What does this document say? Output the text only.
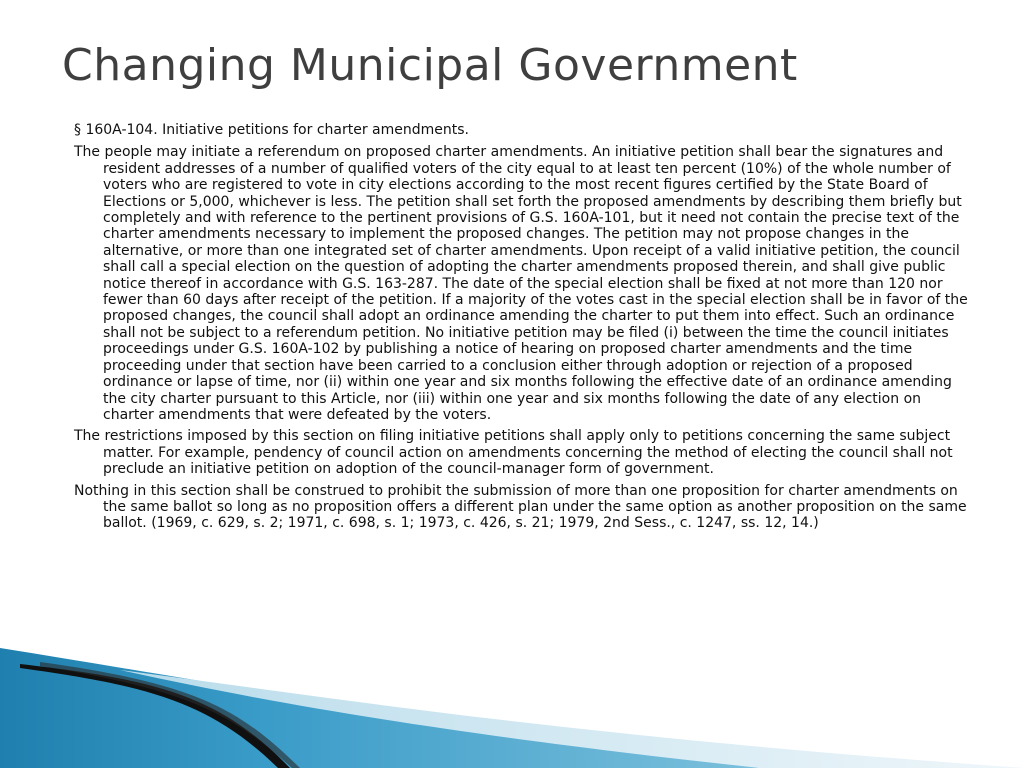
Changing Municipal Government

§ 160A-104. Initiative petitions for charter amendments.

The people may initiate a referendum on proposed charter amendments. An initiative petition shall bear the signatures and resident addresses of a number of qualified voters of the city equal to at least ten percent (10%) of the whole number of voters who are registered to vote in city elections according to the most recent figures certified by the State Board of Elections or 5,000, whichever is less. The petition shall set forth the proposed amendments by describing them briefly but completely and with reference to the pertinent provisions of G.S. 160A-101, but it need not contain the precise text of the charter amendments necessary to implement the proposed changes. The petition may not propose changes in the alternative, or more than one integrated set of charter amendments. Upon receipt of a valid initiative petition, the council shall call a special election on the question of adopting the charter amendments proposed therein, and shall give public notice thereof in accordance with G.S. 163-287. The date of the special election shall be fixed at not more than 120 nor fewer than 60 days after receipt of the petition. If a majority of the votes cast in the special election shall be in favor of the proposed changes, the council shall adopt an ordinance amending the charter to put them into effect. Such an ordinance shall not be subject to a referendum petition. No initiative petition may be filed (i) between the time the council initiates proceedings under G.S. 160A-102 by publishing a notice of hearing on proposed charter amendments and the time proceeding under that section have been carried to a conclusion either through adoption or rejection of a proposed ordinance or lapse of time, nor (ii) within one year and six months following the effective date of an ordinance amending the city charter pursuant to this Article, nor (iii) within one year and six months following the date of any election on charter amendments that were defeated by the voters.

The restrictions imposed by this section on filing initiative petitions shall apply only to petitions concerning the same subject matter. For example, pendency of council action on amendments concerning the method of electing the council shall not preclude an initiative petition on adoption of the council-manager form of government.

Nothing in this section shall be construed to prohibit the submission of more than one proposition for charter amendments on the same ballot so long as no proposition offers a different plan under the same option as another proposition on the same ballot. (1969, c. 629, s. 2; 1971, c. 698, s. 1; 1973, c. 426, s. 21; 1979, 2nd Sess., c. 1247, ss. 12, 14.)
